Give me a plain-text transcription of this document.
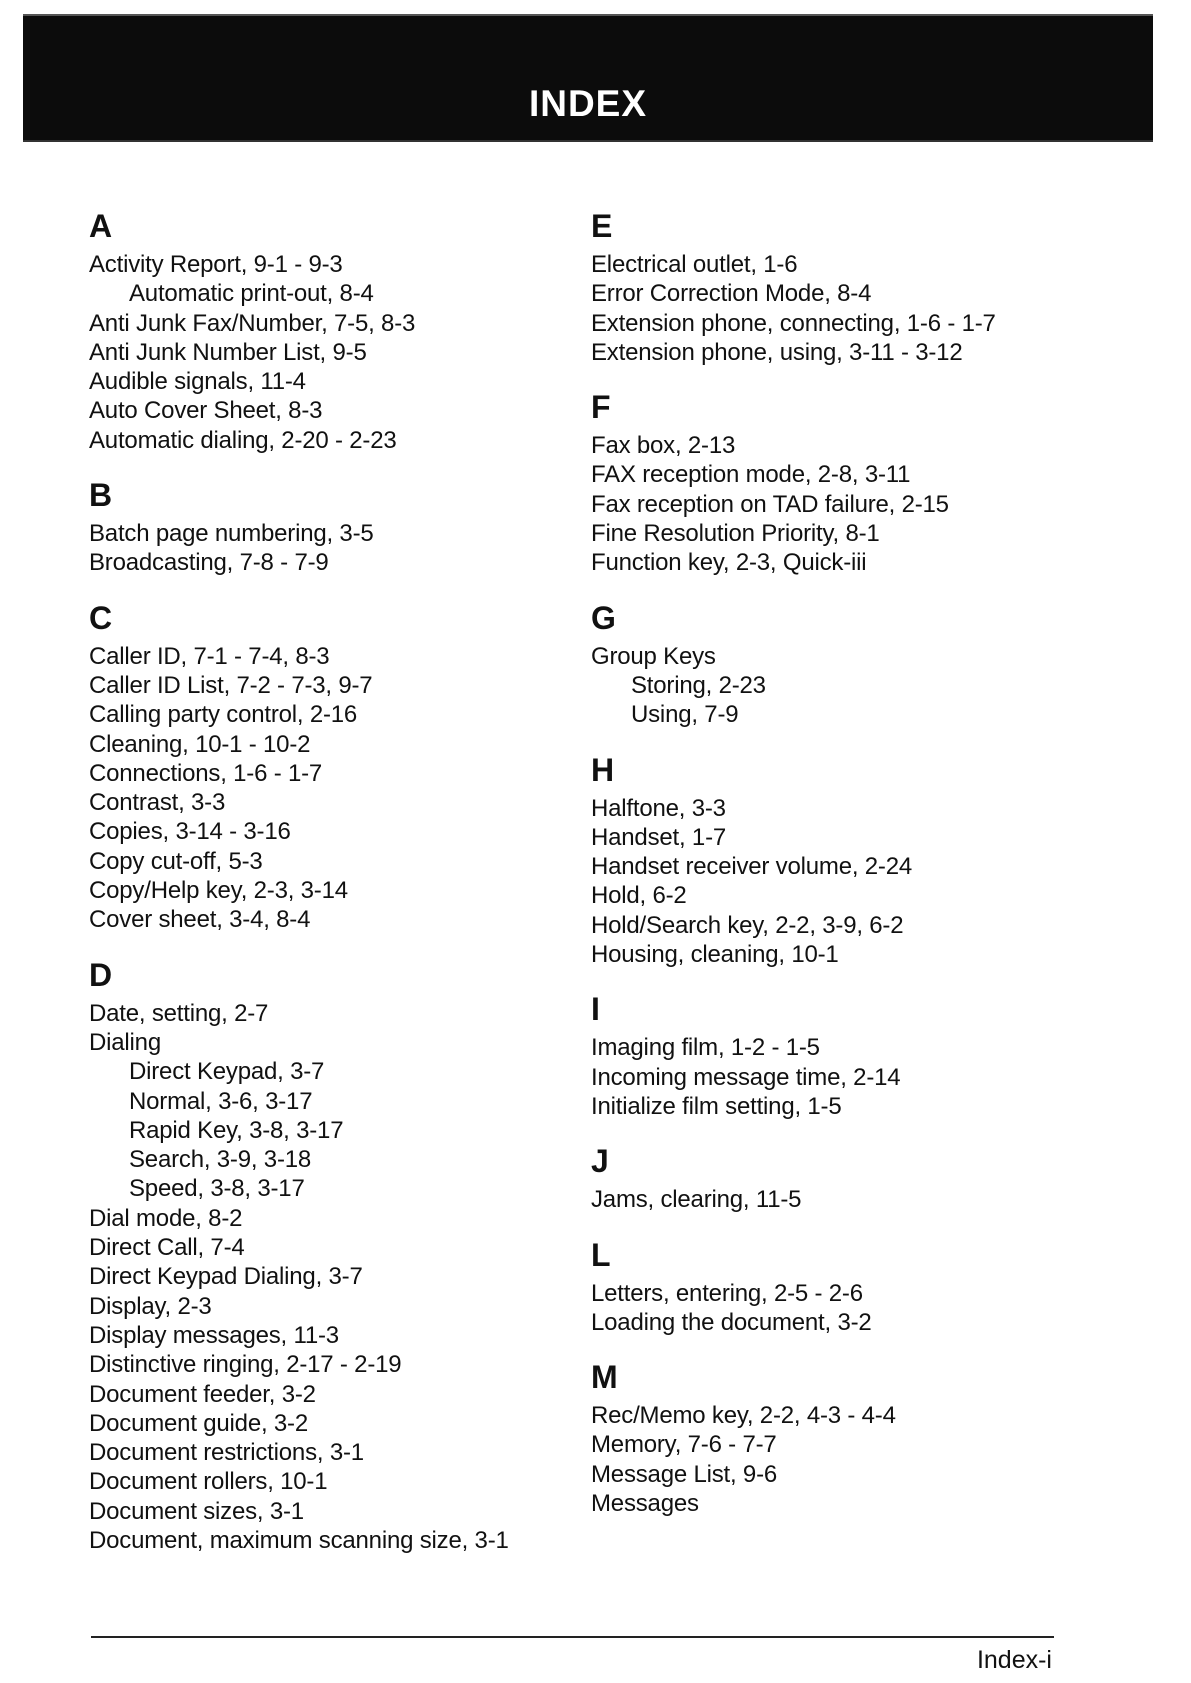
INDEX
A
Activity Report, 9-1 - 9-3
Automatic print-out, 8-4
Anti Junk Fax/Number, 7-5, 8-3
Anti Junk Number List, 9-5
Audible signals, 11-4
Auto Cover Sheet, 8-3
Automatic dialing, 2-20 - 2-23
B
Batch page numbering, 3-5
Broadcasting, 7-8 - 7-9
C
Caller ID, 7-1 - 7-4, 8-3
Caller ID List, 7-2 - 7-3, 9-7
Calling party control, 2-16
Cleaning, 10-1 - 10-2
Connections, 1-6 - 1-7
Contrast, 3-3
Copies, 3-14 - 3-16
Copy cut-off, 5-3
Copy/Help key, 2-3, 3-14
Cover sheet, 3-4, 8-4
D
Date, setting, 2-7
Dialing
Direct Keypad, 3-7
Normal, 3-6, 3-17
Rapid Key, 3-8, 3-17
Search, 3-9, 3-18
Speed, 3-8, 3-17
Dial mode, 8-2
Direct Call, 7-4
Direct Keypad Dialing, 3-7
Display, 2-3
Display messages, 11-3
Distinctive ringing, 2-17 - 2-19
Document feeder, 3-2
Document guide, 3-2
Document restrictions, 3-1
Document rollers, 10-1
Document sizes, 3-1
Document, maximum scanning size, 3-1
E
Electrical outlet, 1-6
Error Correction Mode, 8-4
Extension phone, connecting, 1-6 - 1-7
Extension phone, using, 3-11 - 3-12
F
Fax box, 2-13
FAX reception mode, 2-8, 3-11
Fax reception on TAD failure, 2-15
Fine Resolution Priority, 8-1
Function key, 2-3, Quick-iii
G
Group Keys
Storing, 2-23
Using, 7-9
H
Halftone, 3-3
Handset, 1-7
Handset receiver volume, 2-24
Hold, 6-2
Hold/Search key, 2-2, 3-9, 6-2
Housing, cleaning, 10-1
I
Imaging film, 1-2 - 1-5
Incoming message time, 2-14
Initialize film setting, 1-5
J
Jams, clearing, 11-5
L
Letters, entering, 2-5 - 2-6
Loading the document, 3-2
M
Rec/Memo key, 2-2, 4-3 - 4-4
Memory, 7-6 - 7-7
Message List, 9-6
Messages
Index-i
